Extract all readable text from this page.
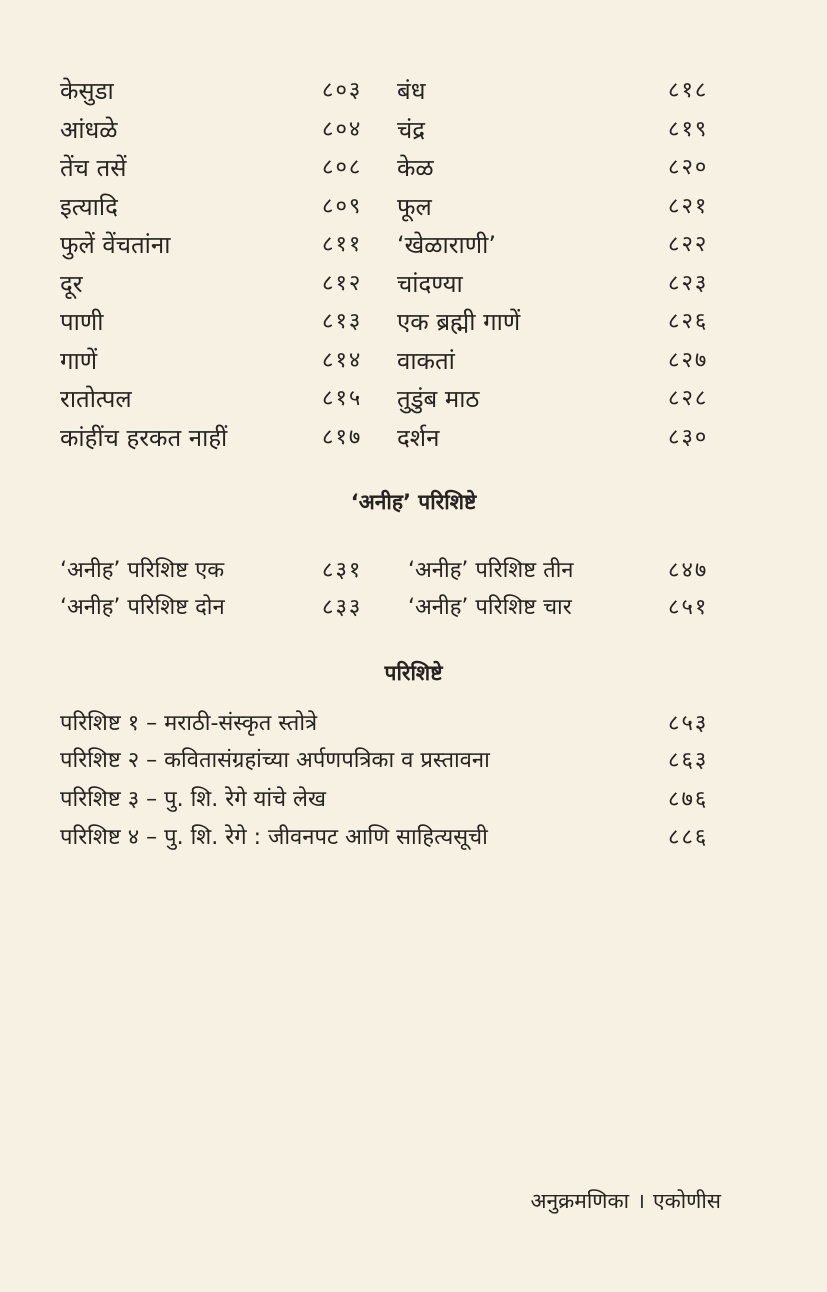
केसुडा	८०३ बंध	८१८
आंधळे	८०४ चंद्र	८१९
तेंच तसें	८०८ केळ	८२०
इत्यादि	८०९ फूल	८२१
फुलें वेंचतांना	८११ ‘खेळाराणी’	८२२
दूर	८१२ चांदण्या	८२३
पाणी	८१३ एक ब्रह्मी गाणें	८२६
गाणें	८१४ वाकतां	८२७
रातोत्पल	८१५ तुडुंब माठ	८२८
कांहींच हरकत नाहीं	८१७ दर्शन	८३०
‘अनीह’ परिशिष्टे
‘अनीह’ परिशिष्ट एक	८३१ ‘अनीह’ परिशिष्ट तीन	८४७
‘अनीह’ परिशिष्ट दोन	८३३ ‘अनीह’ परिशिष्ट चार	८५१
परिशिष्टे
परिशिष्ट १ – मराठी-संस्कृत स्तोत्रे	८५३
परिशिष्ट २ – कवितासंग्रहांच्या अर्पणपत्रिका व प्रस्तावना	८६३
परिशिष्ट ३ – पु. शि. रेगे यांचे लेख	८७६
परिशिष्ट ४ – पु. शि. रेगे : जीवनपट आणि साहित्यसूची	८८६
अनुक्रमणिका । एकोणीस
